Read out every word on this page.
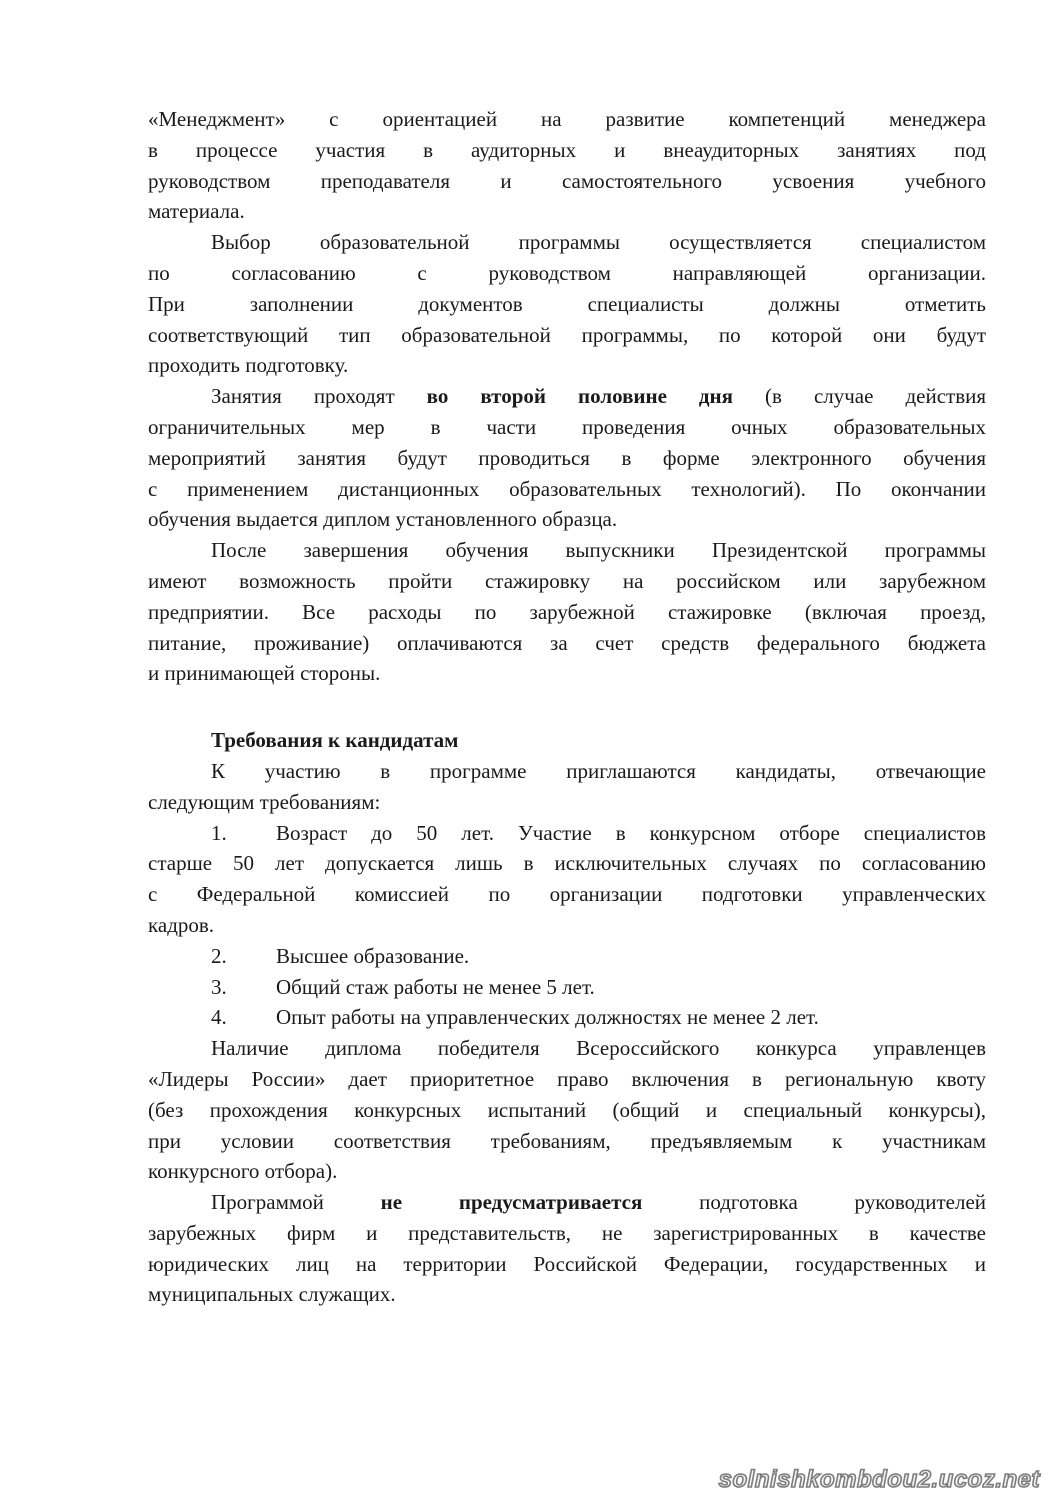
«Менеджмент» с ориентацией на развитие компетенций менеджера
в процессе участия в аудиторных и внеаудиторных занятиях под
руководством преподавателя и самостоятельного усвоения учебного
материала.
Выбор образовательной программы осуществляется специалистом
по согласованию с руководством направляющей организации.
При заполнении документов специалисты должны отметить
соответствующий тип образовательной программы, по которой они будут
проходить подготовку.
Занятия проходят во второй половине дня (в случае действия
ограничительных мер в части проведения очных образовательных
мероприятий занятия будут проводиться в форме электронного обучения
с применением дистанционных образовательных технологий). По окончании
обучения выдается диплом установленного образца.
После завершения обучения выпускники Президентской программы
имеют возможность пройти стажировку на российском или зарубежном
предприятии. Все расходы по зарубежной стажировке (включая проезд,
питание, проживание) оплачиваются за счет средств федерального бюджета
и принимающей стороны.
Требования к кандидатам
К участию в программе приглашаются кандидаты, отвечающие
следующим требованиям:
1. Возраст до 50 лет. Участие в конкурсном отборе специалистов
старше 50 лет допускается лишь в исключительных случаях по согласованию
с Федеральной комиссией по организации подготовки управленческих
кадров.
2. Высшее образование.
3. Общий стаж работы не менее 5 лет.
4. Опыт работы на управленческих должностях не менее 2 лет.
Наличие диплома победителя Всероссийского конкурса управленцев
«Лидеры России» дает приоритетное право включения в региональную квоту
(без прохождения конкурсных испытаний (общий и специальный конкурсы),
при условии соответствия требованиям, предъявляемым к участникам
конкурсного отбора).
Программой не предусматривается подготовка руководителей
зарубежных фирм и представительств, не зарегистрированных в качестве
юридических лиц на территории Российской Федерации, государственных и
муниципальных служащих.
solnishkombdou2.ucoz.net
